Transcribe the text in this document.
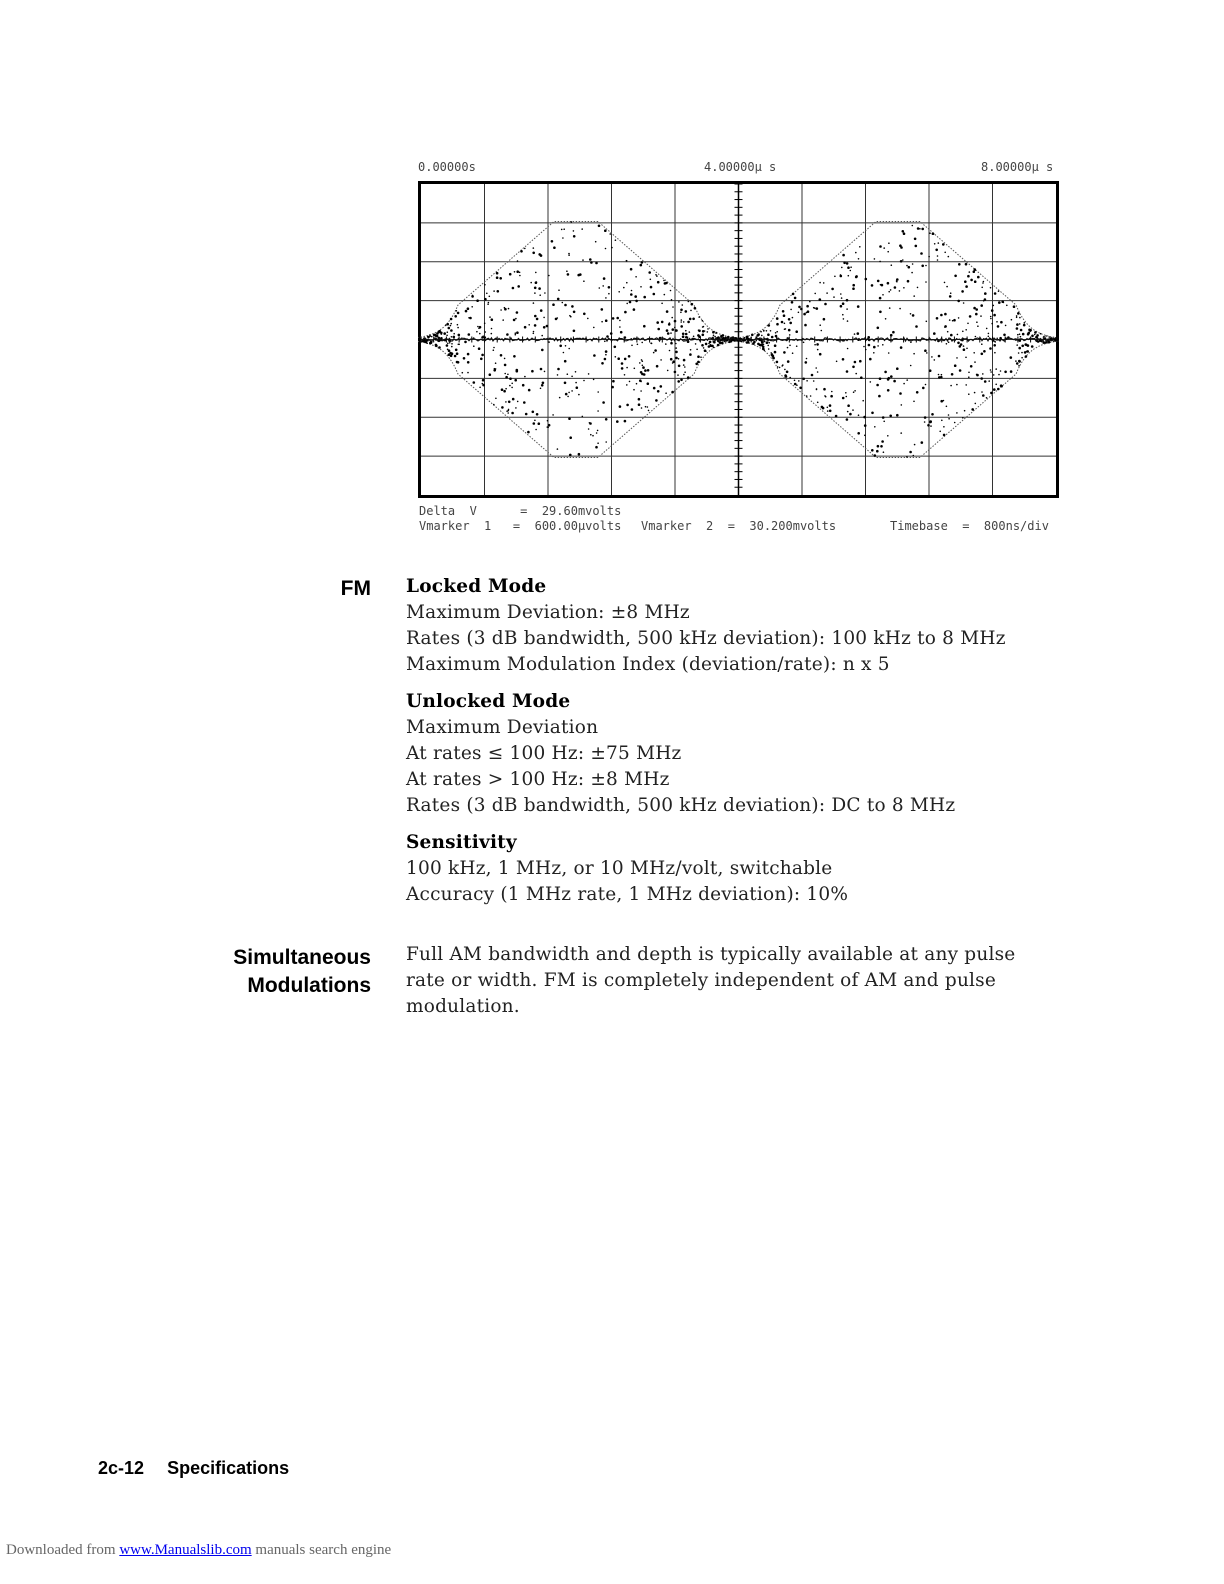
0.00000s	4.00000µ s	8.00000µ s
Delta  V      =  29.60mvolts
Vmarker  1   =  600.00µvolts Vmarker  2  =  30.200mvolts	Timebase  =  800ns/div
FM Locked Mode
Maximum Deviation: ±8 MHz
Rates (3 dB bandwidth, 500 kHz deviation): 100 kHz to 8 MHz
Maximum Modulation Index (deviation/rate): n x 5
Unlocked Mode
Maximum Deviation
At rates ≤ 100 Hz: ±75 MHz
At rates > 100 Hz: ±8 MHz
Rates (3 dB bandwidth, 500 kHz deviation): DC to 8 MHz
Sensitivity
100 kHz, 1 MHz, or 10 MHz/volt, switchable
Accuracy (1 MHz rate, 1 MHz deviation): 10%
Simultaneous
Modulations
Full AM bandwidth and depth is typically available at any pulse
rate or width. FM is completely independent of AM and pulse
modulation.
2c-12 Specifications
Downloaded from www.Manualslib.com manuals search engine
